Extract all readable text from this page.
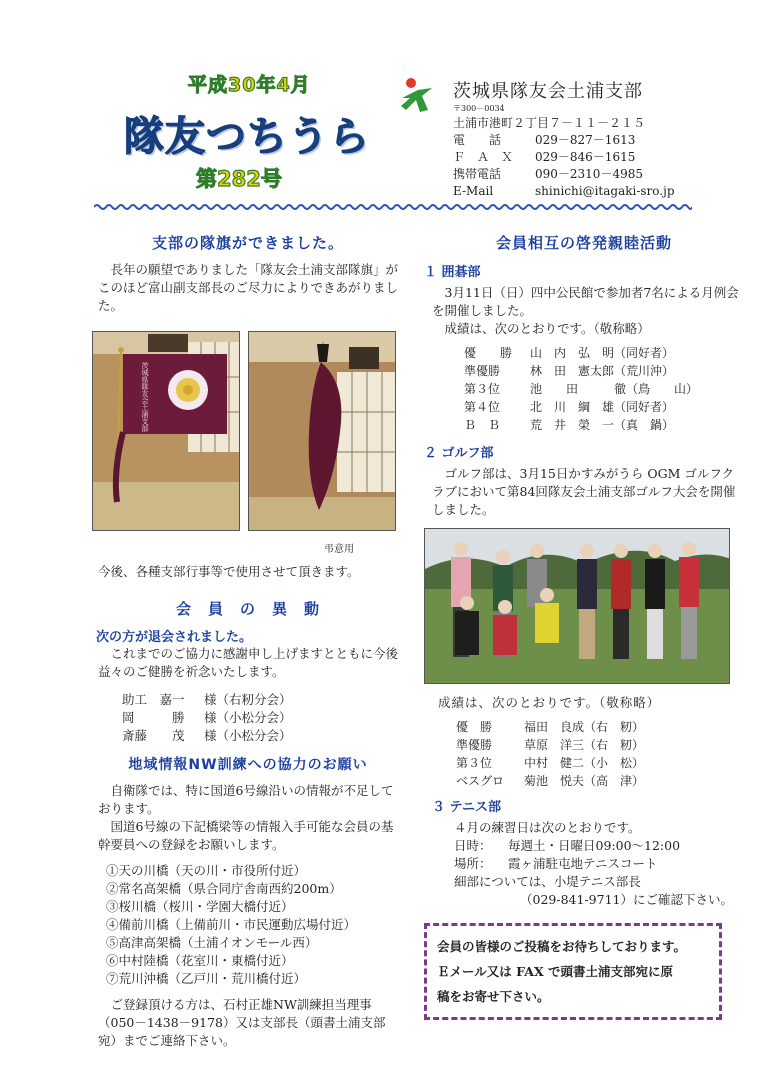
平成30年4月
隊友つちうら
第282号
茨城県隊友会土浦支部
〒300－0034
土浦市港町２丁目７－１１－２１５
電　　話	029－827－1613
Ｆ　Ａ　Ｘ	029－846－1615
携帯電話	090－2310－4985
E-Mail	shinichi@itagaki-sro.jp
支部の隊旗ができました。

長年の願望でありました「隊友会土浦支部隊旗」がこのほど富山副支部長のご尽力によりできあがりました。

茨城県隊友会土浦支部
弔意用

今後、各種支部行事等で使用させて頂きます。

会　員　の　異　動
次の方が退会されました。

これまでのご協力に感謝申し上げますとともに今後益々のご健勝を祈念いたします。

助工　嘉一 様（右籾分会）
岡　　　勝 様（小松分会）
斎藤　　茂 様（小松分会）
地域情報NW訓練への協力のお願い

自衛隊では、特に国道6号線沿いの情報が不足しております。

国道6号線の下記橋梁等の情報入手可能な会員の基幹要員への登録をお願いします。

①天の川橋（天の川・市役所付近）
②常名高架橋（県合同庁舎南西約200m）
③桜川橋（桜川・学園大橋付近）
④備前川橋（上備前川・市民運動広場付近）
⑤高津高架橋（土浦イオンモール西）
⑥中村陸橋（花室川・東橋付近）
⑦荒川沖橋（乙戸川・荒川橋付近）

ご登録頂ける方は、石村正雄NW訓練担当理事（050－1438－9178）又は支部長（頭書土浦支部宛）までご連絡下さい。

会員相互の啓発親睦活動
１ 囲碁部

3月11日（日）四中公民館で参加者7名による月例会を開催しました。

成績は、次のとおりです。（敬称略）

優　　勝	山　内　弘　明（同好者）
準優勝	林　田　憲太郎（荒川沖）
第３位	池　　田　　　徹（鳥　　山）
第４位	北　川　綱　雄（同好者）
Ｂ　Ｂ	荒　井　榮　一（真　鍋）
２ ゴルフ部

ゴルフ部は、3月15日かすみがうら OGM ゴルフクラブにおいて第84回隊友会土浦支部ゴルフ大会を開催しました。

成績は、次のとおりです。（敬称略）

優　勝	福田　良成（右　籾）
準優勝	草原　洋三（右　籾）
第３位	中村　健二（小　松）
ベスグロ	菊池　悦夫（高　津）
３ テニス部
４月の練習日は次のとおりです。
日時： 毎週土・日曜日09:00～12:00
場所： 霞ヶ浦駐屯地テニスコート
細部については、小堤テニス部長
（029-841-9711）にご確認下さい。
会員の皆様のご投稿をお待ちしております。
Ｅメール又は FAX で頭書土浦支部宛に原
稿をお寄せ下さい。
